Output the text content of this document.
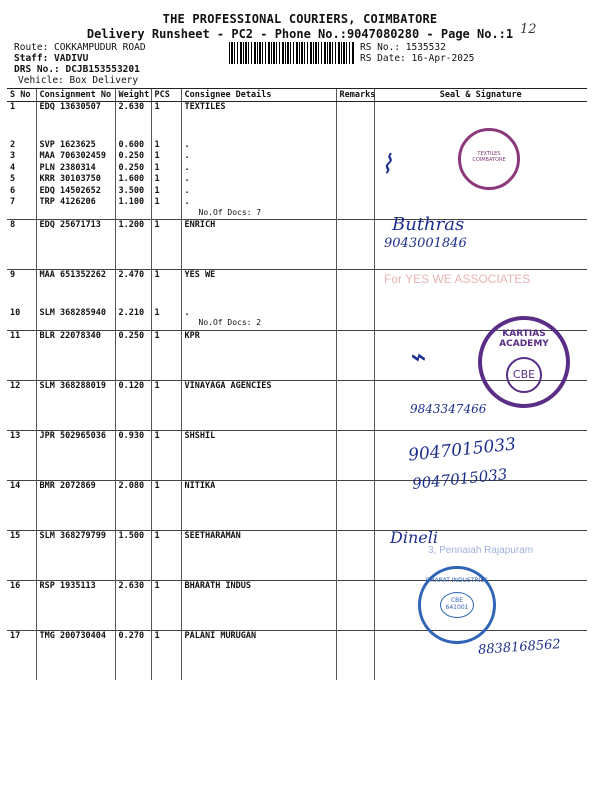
THE PROFESSIONAL COURIERS, COIMBATORE
Delivery Runsheet - PC2 - Phone No.:9047080280 - Page No.:1 12
Route: COKKAMPUDUR ROAD
Staff: VADIVU
DRS No.: DCJB153553201
Vehicle: Box Delivery
RS No.: 1535532
RS Date: 16-Apr-2025
S No	Consignment No	Weight	PCS	Consignee Details	Remarks	Seal & Signature
1	EDQ 13630507	2.630	1	TEXTILES		
2	SVP 1623625	0.600	1	.		
3	MAA 706302459	0.250	1	.		
4	PLN 2380314	0.250	1	.		
5	KRR 30103750	1.600	1	.		
6	EDQ 14502652	3.500	1	.		
7	TRP 4126206	1.100	1	.
No.Of Docs: 7		
8	EDQ 25671713	1.200	1	ENRICH		
9	MAA 651352262	2.470	1	YES WE		
10	SLM 368285940	2.210	1	.
No.Of Docs: 2		
11	BLR 22078340	0.250	1	KPR		
12	SLM 368288019	0.120	1	VINAYAGA AGENCIES		
13	JPR 502965036	0.930	1	SHSHIL		
14	BMR 2072869	2.080	1	NITIKA		
15	SLM 368279799	1.500	1	SEETHARAMAN		
16	RSP 1935113	2.630	1	BHARATH INDUS		
17	TMG 200730404	0.270	1	PALANI MURUGAN		
TEXTILES COIMBATORE
⌇
Buthras
9043001846
For YES WE ASSOCIATES
KARTIAS ACADEMY
CBE
⌁
9843347466
9047015033
9047015033
Dineli
3, Pennaiah Rajapuram
BHARAT INDUSTRIES
CBE 641001
8838168562
